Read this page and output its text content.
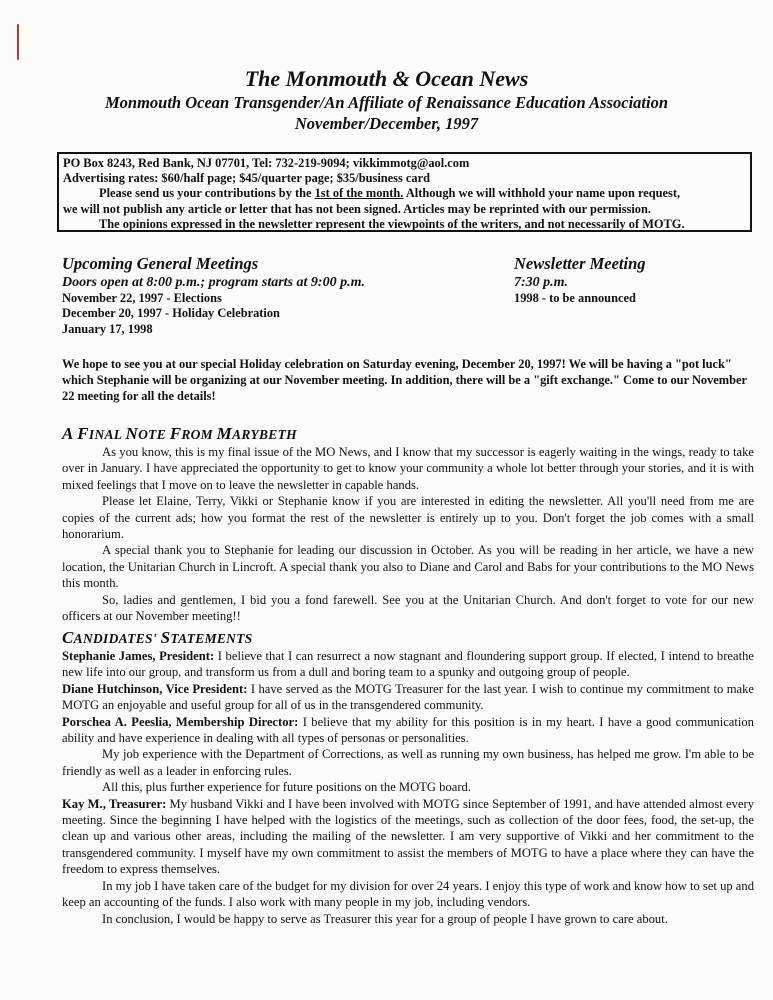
The Monmouth & Ocean News
Monmouth Ocean Transgender/An Affiliate of Renaissance Education Association
November/December, 1997

PO Box 8243, Red Bank, NJ 07701, Tel: 732-219-9094; vikkimmotg@aol.com

Advertising rates: $60/half page; $45/quarter page; $35/business card

Please send us your contributions by the 1st of the month. Although we will withhold your name upon request,

we will not publish any article or letter that has not been signed. Articles may be reprinted with our permission.

The opinions expressed in the newsletter represent the viewpoints of the writers, and not necessarily of MOTG.

Upcoming General Meetings
Doors open at 8:00 p.m.; program starts at 9:00 p.m.
November 22, 1997 - Elections
December 20, 1997 - Holiday Celebration
January 17, 1998
Newsletter Meeting
7:30 p.m.
1998 - to be announced

We hope to see you at our special Holiday celebration on Saturday evening, December 20, 1997! We will be having a "pot luck" which Stephanie will be organizing at our November meeting. In addition, there will be a "gift exchange." Come to our November 22 meeting for all the details!

A FINAL NOTE FROM MARYBETH

As you know, this is my final issue of the MO News, and I know that my successor is eagerly waiting in the wings, ready to take over in January. I have appreciated the opportunity to get to know your community a whole lot better through your stories, and it is with mixed feelings that I move on to leave the newsletter in capable hands.

Please let Elaine, Terry, Vikki or Stephanie know if you are interested in editing the newsletter. All you'll need from me are copies of the current ads; how you format the rest of the newsletter is entirely up to you. Don't forget the job comes with a small honorarium.

A special thank you to Stephanie for leading our discussion in October. As you will be reading in her article, we have a new location, the Unitarian Church in Lincroft. A special thank you also to Diane and Carol and Babs for your contributions to the MO News this month.

So, ladies and gentlemen, I bid you a fond farewell. See you at the Unitarian Church. And don't forget to vote for our new officers at our November meeting!!

CANDIDATES' STATEMENTS

Stephanie James, President: I believe that I can resurrect a now stagnant and floundering support group. If elected, I intend to breathe new life into our group, and transform us from a dull and boring team to a spunky and outgoing group of people.

Diane Hutchinson, Vice President: I have served as the MOTG Treasurer for the last year. I wish to continue my commitment to make MOTG an enjoyable and useful group for all of us in the transgendered community.

Porschea A. Peeslia, Membership Director: I believe that my ability for this position is in my heart. I have a good communication ability and have experience in dealing with all types of personas or personalities.

My job experience with the Department of Corrections, as well as running my own business, has helped me grow. I'm able to be friendly as well as a leader in enforcing rules.

All this, plus further experience for future positions on the MOTG board.

Kay M., Treasurer: My husband Vikki and I have been involved with MOTG since September of 1991, and have attended almost every meeting. Since the beginning I have helped with the logistics of the meetings, such as collection of the door fees, food, the set-up, the clean up and various other areas, including the mailing of the newsletter. I am very supportive of Vikki and her commitment to the transgendered community. I myself have my own commitment to assist the members of MOTG to have a place where they can have the freedom to express themselves.

In my job I have taken care of the budget for my division for over 24 years. I enjoy this type of work and know how to set up and keep an accounting of the funds. I also work with many people in my job, including vendors.

In conclusion, I would be happy to serve as Treasurer this year for a group of people I have grown to care about.
